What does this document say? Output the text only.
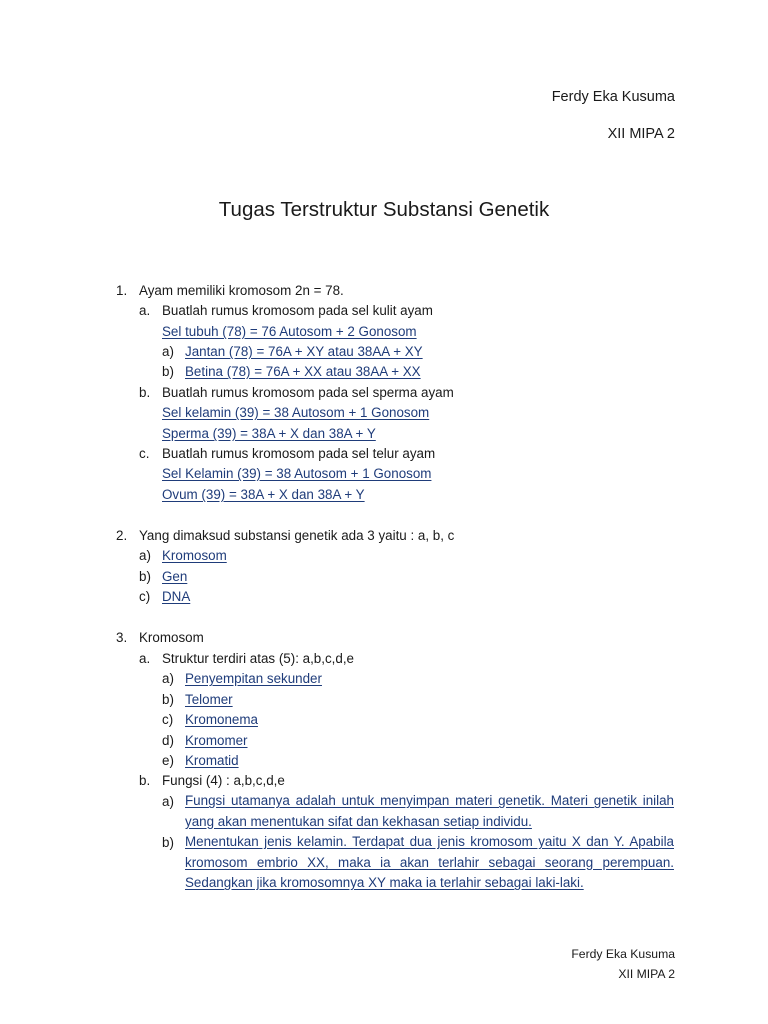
Ferdy Eka Kusuma
XII MIPA 2
Tugas Terstruktur Substansi Genetik
1. Ayam memiliki kromosom 2n = 78.
a. Buatlah rumus kromosom pada sel kulit ayam
Sel tubuh (78) = 76 Autosom + 2 Gonosom
a) Jantan (78) = 76A + XY atau 38AA + XY
b) Betina (78) = 76A + XX atau 38AA + XX
b. Buatlah rumus kromosom pada sel sperma ayam
Sel kelamin (39) = 38 Autosom + 1 Gonosom
Sperma (39) = 38A + X dan 38A + Y
c. Buatlah rumus kromosom pada sel telur ayam
Sel Kelamin (39) = 38 Autosom + 1 Gonosom
Ovum (39) = 38A + X dan 38A + Y
2. Yang dimaksud substansi genetik ada 3 yaitu : a, b, c
a) Kromosom
b) Gen
c) DNA
3. Kromosom
a. Struktur terdiri atas (5): a,b,c,d,e
a) Penyempitan sekunder
b) Telomer
c) Kromonema
d) Kromomer
e) Kromatid
b. Fungsi (4) : a,b,c,d,e
a) Fungsi utamanya adalah untuk menyimpan materi genetik. Materi genetik inilah yang akan menentukan sifat dan kekhasan setiap individu.
b) Menentukan jenis kelamin. Terdapat dua jenis kromosom yaitu X dan Y. Apabila kromosom embrio XX, maka ia akan terlahir sebagai seorang perempuan. Sedangkan jika kromosomnya XY maka ia terlahir sebagai laki-laki.
Ferdy Eka Kusuma
XII MIPA 2
